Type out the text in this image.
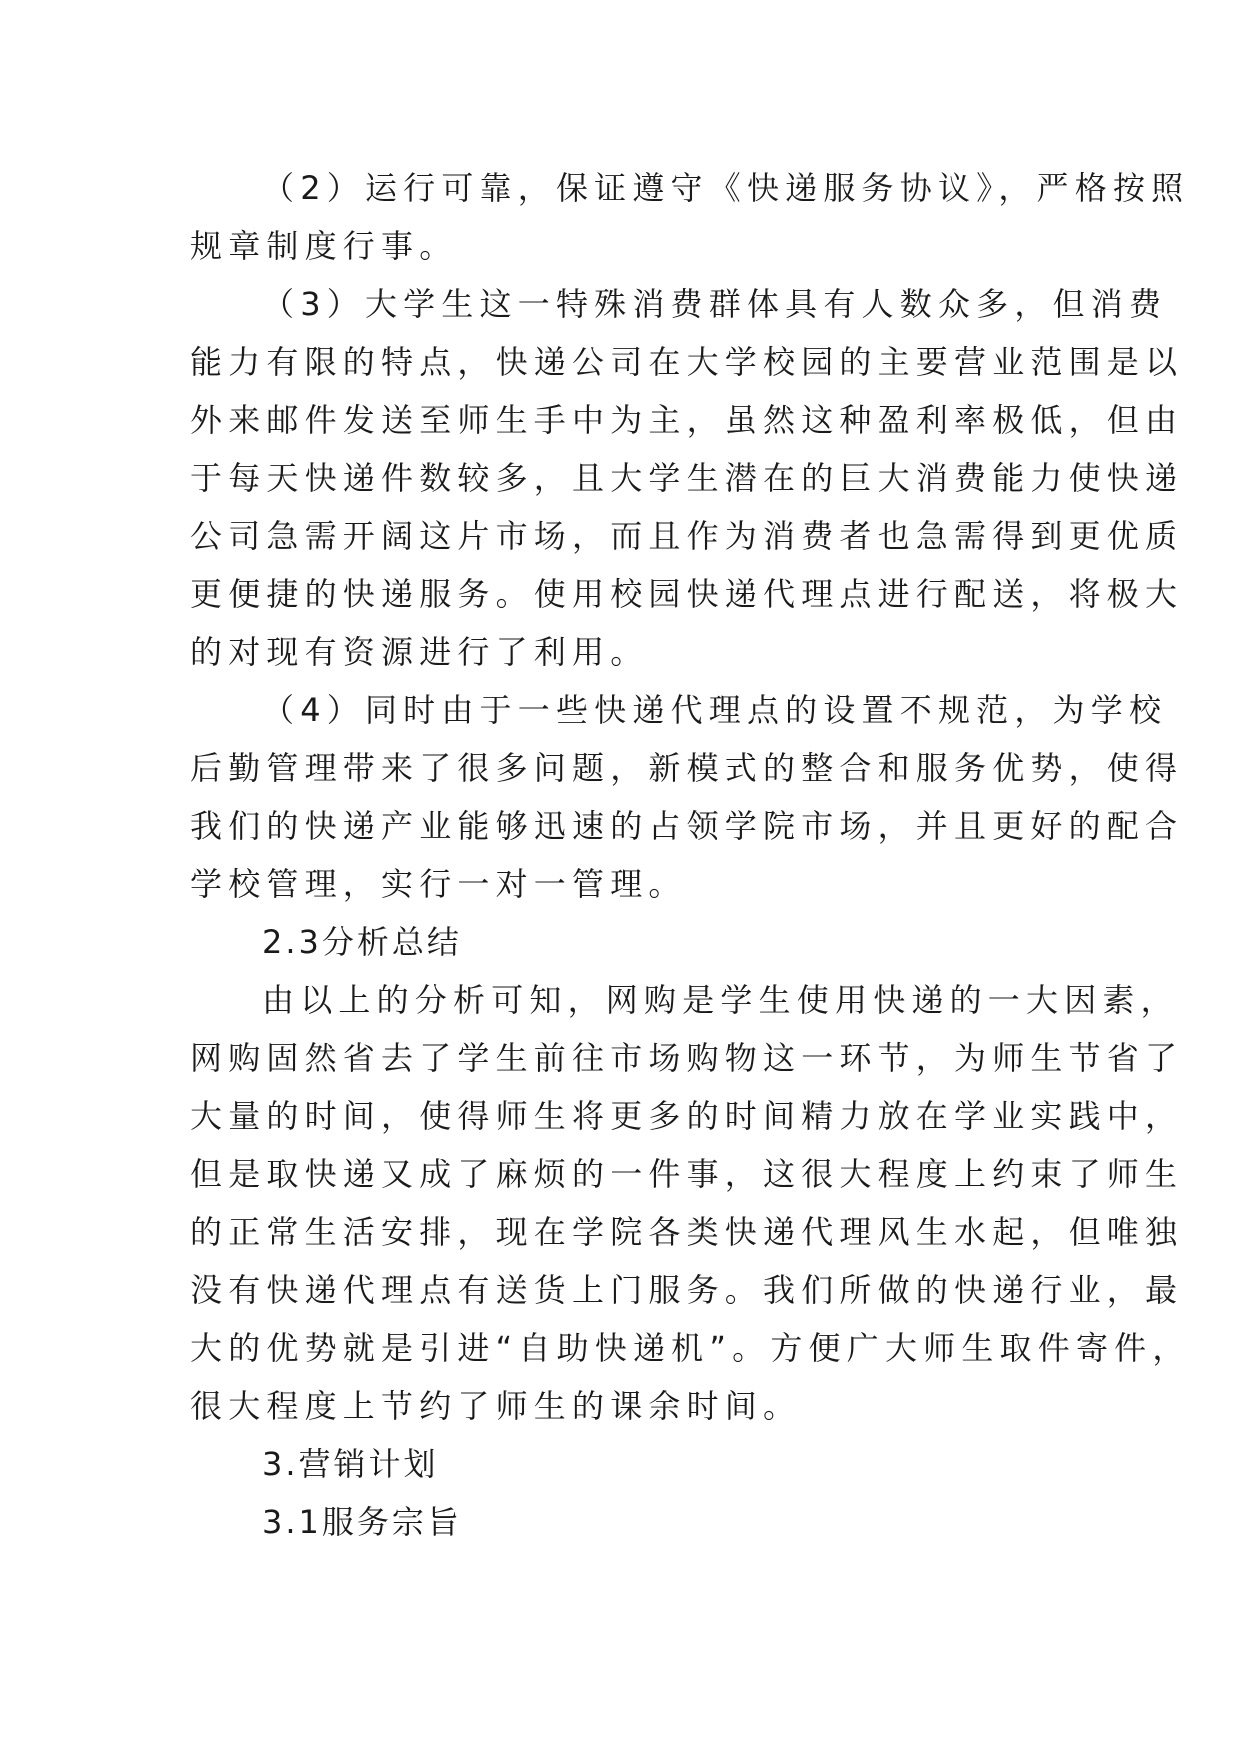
（2）运行可靠，保证遵守《快递服务协议》，严格按照
规章制度行事。
（3）大学生这一特殊消费群体具有人数众多，但消费
能力有限的特点，快递公司在大学校园的主要营业范围是以
外来邮件发送至师生手中为主，虽然这种盈利率极低，但由
于每天快递件数较多，且大学生潜在的巨大消费能力使快递
公司急需开阔这片市场，而且作为消费者也急需得到更优质
更便捷的快递服务。使用校园快递代理点进行配送，将极大
的对现有资源进行了利用。
（4）同时由于一些快递代理点的设置不规范，为学校
后勤管理带来了很多问题，新模式的整合和服务优势，使得
我们的快递产业能够迅速的占领学院市场，并且更好的配合
学校管理，实行一对一管理。
2.3分析总结
由以上的分析可知，网购是学生使用快递的一大因素，
网购固然省去了学生前往市场购物这一环节，为师生节省了
大量的时间，使得师生将更多的时间精力放在学业实践中，
但是取快递又成了麻烦的一件事，这很大程度上约束了师生
的正常生活安排，现在学院各类快递代理风生水起，但唯独
没有快递代理点有送货上门服务。我们所做的快递行业，最
大的优势就是引进“自助快递机”。方便广大师生取件寄件，
很大程度上节约了师生的课余时间。
3.营销计划
3.1服务宗旨
